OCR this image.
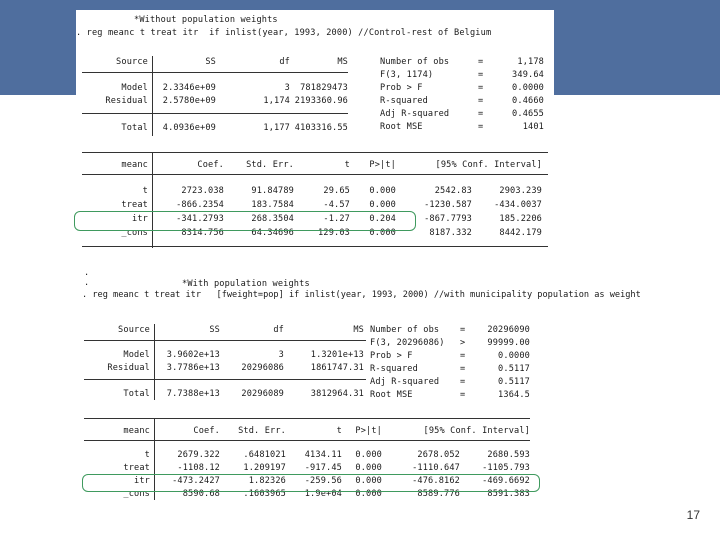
*Without population weights
. reg meanc t treat itr  if inlist(year, 1993, 2000) //Control-rest of Belgium
Source	SS	df	MS
Model	2.3346e+09	3	781829473
Residual	2.5780e+09	1,174 2193360.96
Total	4.0936e+09	1,177 4103316.55
Number of obs	=	1,178
F(3, 1174)	=	349.64
Prob > F	=	0.0000
R-squared	=	0.4660
Adj R-squared	=	0.4655
Root MSE	=	1401
meanc	Coef.	Std. Err.	t	P>|t|	[95% Conf. Interval]
t	2723.038	91.84789	29.65	0.000	2542.83	2903.239
treat	-866.2354	183.7584	-4.57	0.000	-1230.587	-434.0037
itr	-341.2793	268.3504	-1.27	0.204	-867.7793	185.2206
_cons	8314.756	64.34696	129.03	0.000	8187.332	8442.179
.
.	*With population weights
. reg meanc t treat itr   [fweight=pop] if inlist(year, 1993, 2000) //with municipality population as weight
Source	SS	df	MS
Model	3.9602e+13	3	1.3201e+13
Residual	3.7786e+13	20296086	1861747.31
Total	7.7388e+13	20296089	3812964.31
Number of obs =	20296090
F(3, 20296086) >	99999.00
Prob > F	=	0.0000
R-squared	=	0.5117
Adj R-squared =	0.5117
Root MSE	=	1364.5
meanc	Coef.	Std. Err.	t	P>|t|	[95% Conf. Interval]
t	2679.322	.6481021	4134.11	0.000	2678.052	2680.593
treat	-1108.12	1.209197	-917.45	0.000	-1110.647	-1105.793
itr	-473.2427	1.82326	-259.56	0.000	-476.8162	-469.6692
_cons	8590.68	.1603965	1.9e+04	0.000	8589.776	8591.383
17
